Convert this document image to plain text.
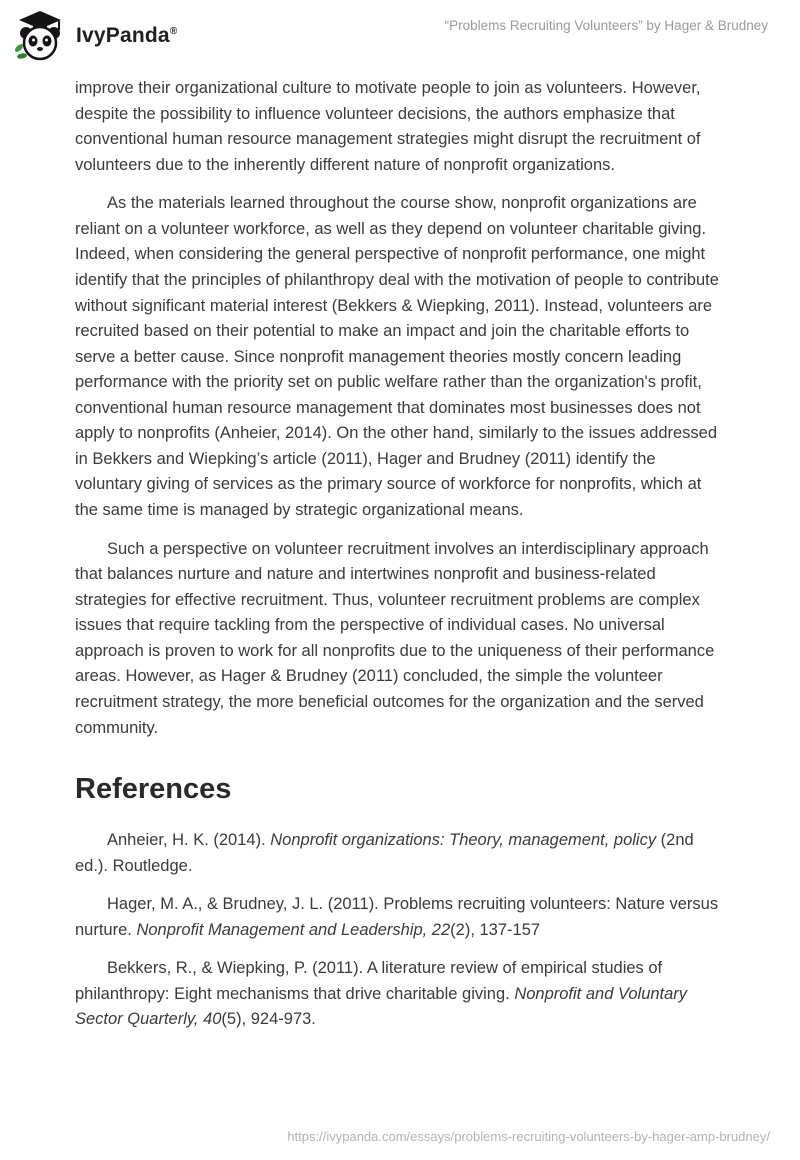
IvyPanda®	“Problems Recruiting Volunteers” by Hager & Brudney

improve their organizational culture to motivate people to join as volunteers. However, despite the possibility to influence volunteer decisions, the authors emphasize that conventional human resource management strategies might disrupt the recruitment of volunteers due to the inherently different nature of nonprofit organizations.

As the materials learned throughout the course show, nonprofit organizations are reliant on a volunteer workforce, as well as they depend on volunteer charitable giving. Indeed, when considering the general perspective of nonprofit performance, one might identify that the principles of philanthropy deal with the motivation of people to contribute without significant material interest (Bekkers & Wiepking, 2011). Instead, volunteers are recruited based on their potential to make an impact and join the charitable efforts to serve a better cause. Since nonprofit management theories mostly concern leading performance with the priority set on public welfare rather than the organization's profit, conventional human resource management that dominates most businesses does not apply to nonprofits (Anheier, 2014). On the other hand, similarly to the issues addressed in Bekkers and Wiepking’s article (2011), Hager and Brudney (2011) identify the voluntary giving of services as the primary source of workforce for nonprofits, which at the same time is managed by strategic organizational means.

Such a perspective on volunteer recruitment involves an interdisciplinary approach that balances nurture and nature and intertwines nonprofit and business-related strategies for effective recruitment. Thus, volunteer recruitment problems are complex issues that require tackling from the perspective of individual cases. No universal approach is proven to work for all nonprofits due to the uniqueness of their performance areas. However, as Hager & Brudney (2011) concluded, the simple the volunteer recruitment strategy, the more beneficial outcomes for the organization and the served community.

References

Anheier, H. K. (2014). Nonprofit organizations: Theory, management, policy (2nd ed.). Routledge.

Hager, M. A., & Brudney, J. L. (2011). Problems recruiting volunteers: Nature versus nurture. Nonprofit Management and Leadership, 22(2), 137-157

Bekkers, R., & Wiepking, P. (2011). A literature review of empirical studies of philanthropy: Eight mechanisms that drive charitable giving. Nonprofit and Voluntary Sector Quarterly, 40(5), 924-973.

https://ivypanda.com/essays/problems-recruiting-volunteers-by-hager-amp-brudney/
